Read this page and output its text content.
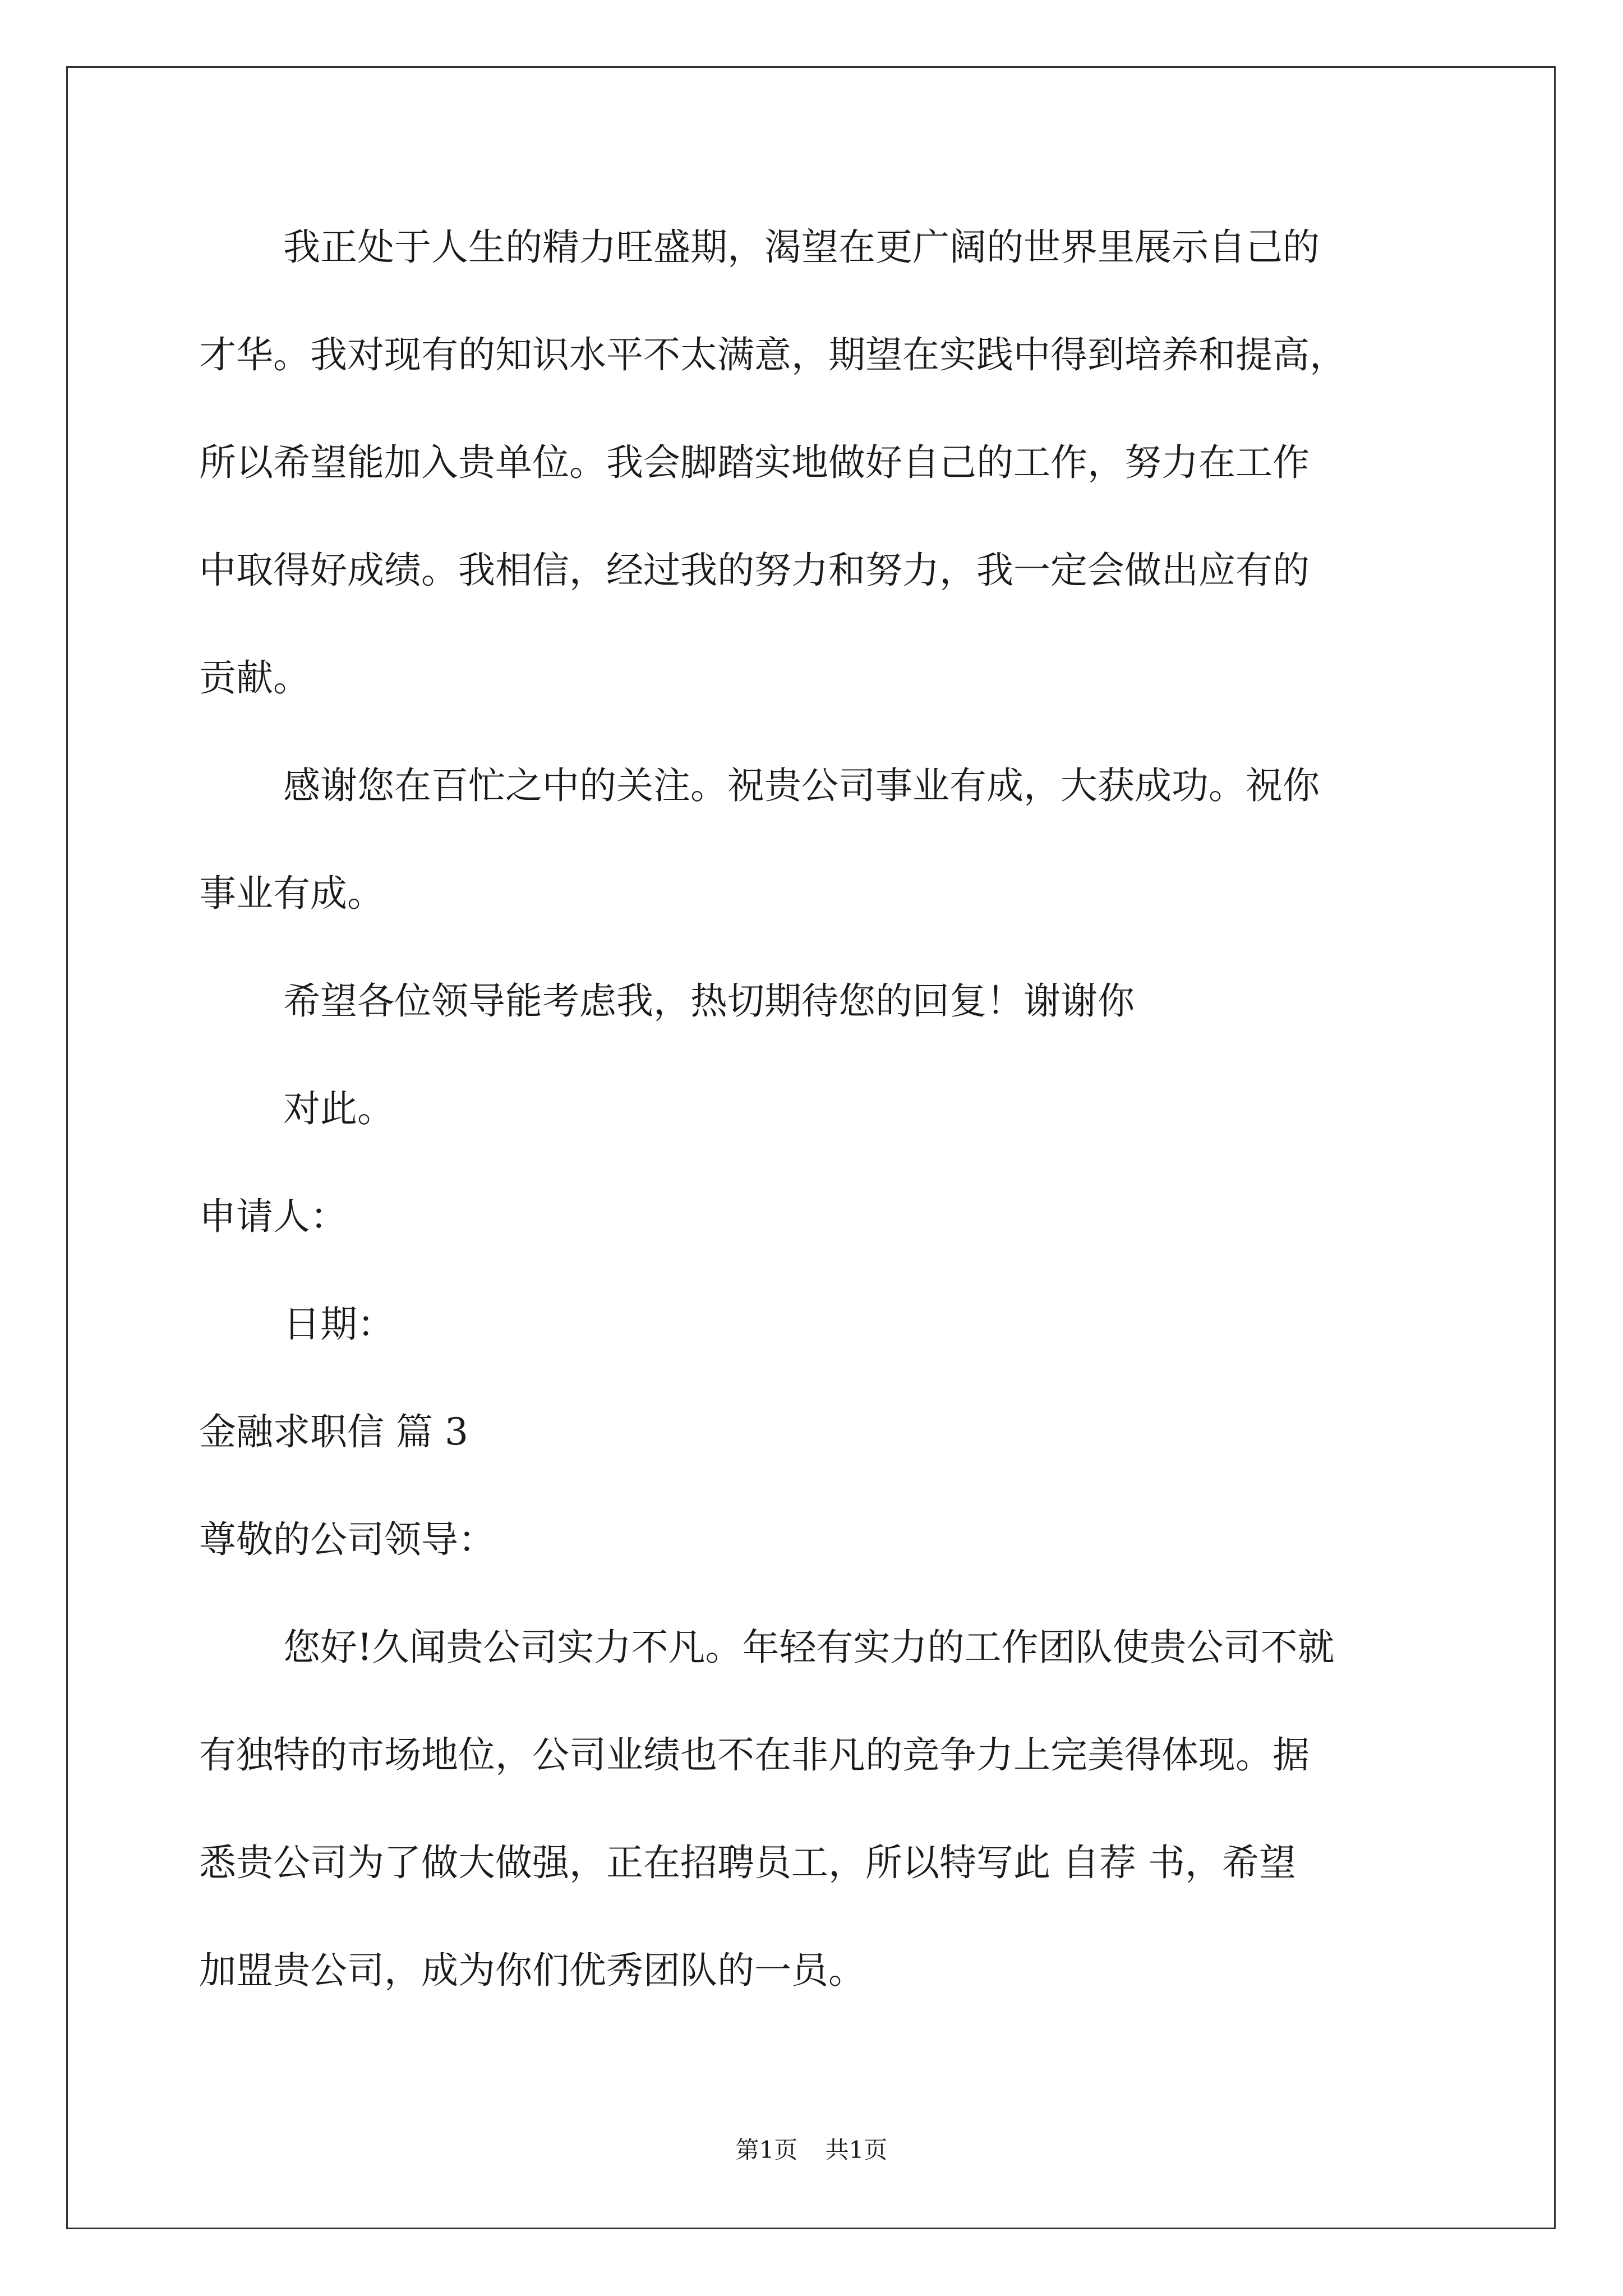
我正处于人生的精力旺盛期，渴望在更广阔的世界里展示自己的

才华。我对现有的知识水平不太满意，期望在实践中得到培养和提高，

所以希望能加入贵单位。我会脚踏实地做好自己的工作，努力在工作

中取得好成绩。我相信，经过我的努力和努力，我一定会做出应有的

贡献。

感谢您在百忙之中的关注。祝贵公司事业有成，大获成功。祝你

事业有成。

希望各位领导能考虑我，热切期待您的回复！谢谢你

对此。

申请人：

日期：

金融求职信 篇 3

尊敬的公司领导：

您好!久闻贵公司实力不凡。年轻有实力的工作团队使贵公司不就

有独特的市场地位，公司业绩也不在非凡的竞争力上完美得体现。据

悉贵公司为了做大做强，正在招聘员工，所以特写此 自荐 书，希望

加盟贵公司，成为你们优秀团队的一员。

第1页 共1页
